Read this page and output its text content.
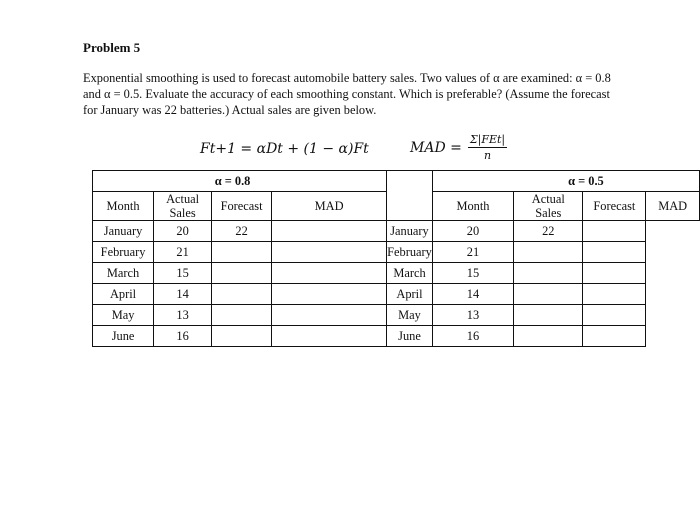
Problem 5
Exponential smoothing is used to forecast automobile battery sales. Two values of α are examined: α = 0.8 and α = 0.5. Evaluate the accuracy of each smoothing constant. Which is preferable? (Assume the forecast for January was 22 batteries.) Actual sales are given below.
Ft+1 = αDt + (1 − α)Ft	MAD = $\frac{\text{Σ|FEt|}}{n}$
α = 0.8					α = 0.5			
Month	Actual Sales	Forecast	MAD		Month	Actual Sales	Forecast	MAD
January	20	22		January	20	22		
February	21			February	21			
March	15			March	15			
April	14			April	14			
May	13			May	13			
June	16			June	16			
